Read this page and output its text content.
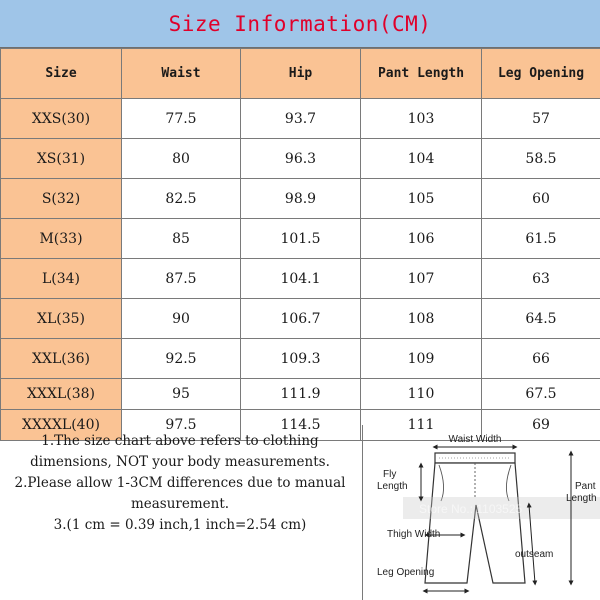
Size Information(CM)
Size	Waist	Hip	Pant Length	Leg Opening
XXS(30)	77.5	93.7	103	57
XS(31)	80	96.3	104	58.5
S(32)	82.5	98.9	105	60
M(33)	85	101.5	106	61.5
L(34)	87.5	104.1	107	63
XL(35)	90	106.7	108	64.5
XXL(36)	92.5	109.3	109	66
XXXL(38)	95	111.9	110	67.5
XXXXL(40)	97.5	114.5	111	69

1.The size chart above refers to clothing dimensions, NOT your body measurements.

2.Please allow 1-3CM differences due to manual measurement.

3.(1 cm = 0.39 inch,1 inch=2.54 cm)

Store No.: 1103525
Waist Width
Fly
Length	Pant
Length
Thigh Width
outseam
Leg Opening
